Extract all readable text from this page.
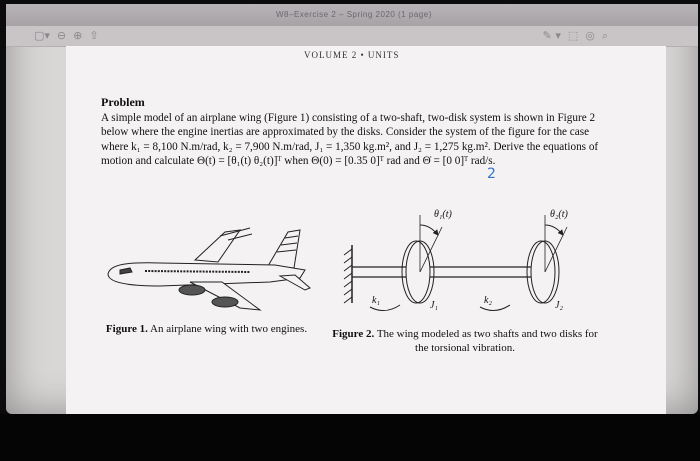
W8–Exercise 2 – Spring 2020 (1 page)
▢▾  ⊖  ⊕  ⇧	✎ ▾  ⬚  ◎  ⌕
VOLUME 2 • UNITS
Problem
A simple model of an airplane wing (Figure 1) consisting of a two-shaft, two-disk system is shown in Figure 2 below where the engine inertias are approximated by the disks. Consider the system of the figure for the case where k₁ = 8,100 N.m/rad, k₂ = 7,900 N.m/rad, J₁ = 1,350 kg.m², and J₂ = 1,275 kg.m². Derive the equations of motion and calculate Θ(t) = [θ₁(t) θ₂(t)]ᵀ when Θ(0) = [0.35 0]ᵀ rad and Θ̇ = [0 0]ᵀ rad/s.
2
Figure 1. An airplane wing with two engines.
θ₁(t)	θ₂(t)
k₁	J₁	k₂	J₂
Figure 2. The wing modeled as two shafts and two disks for the torsional vibration.
